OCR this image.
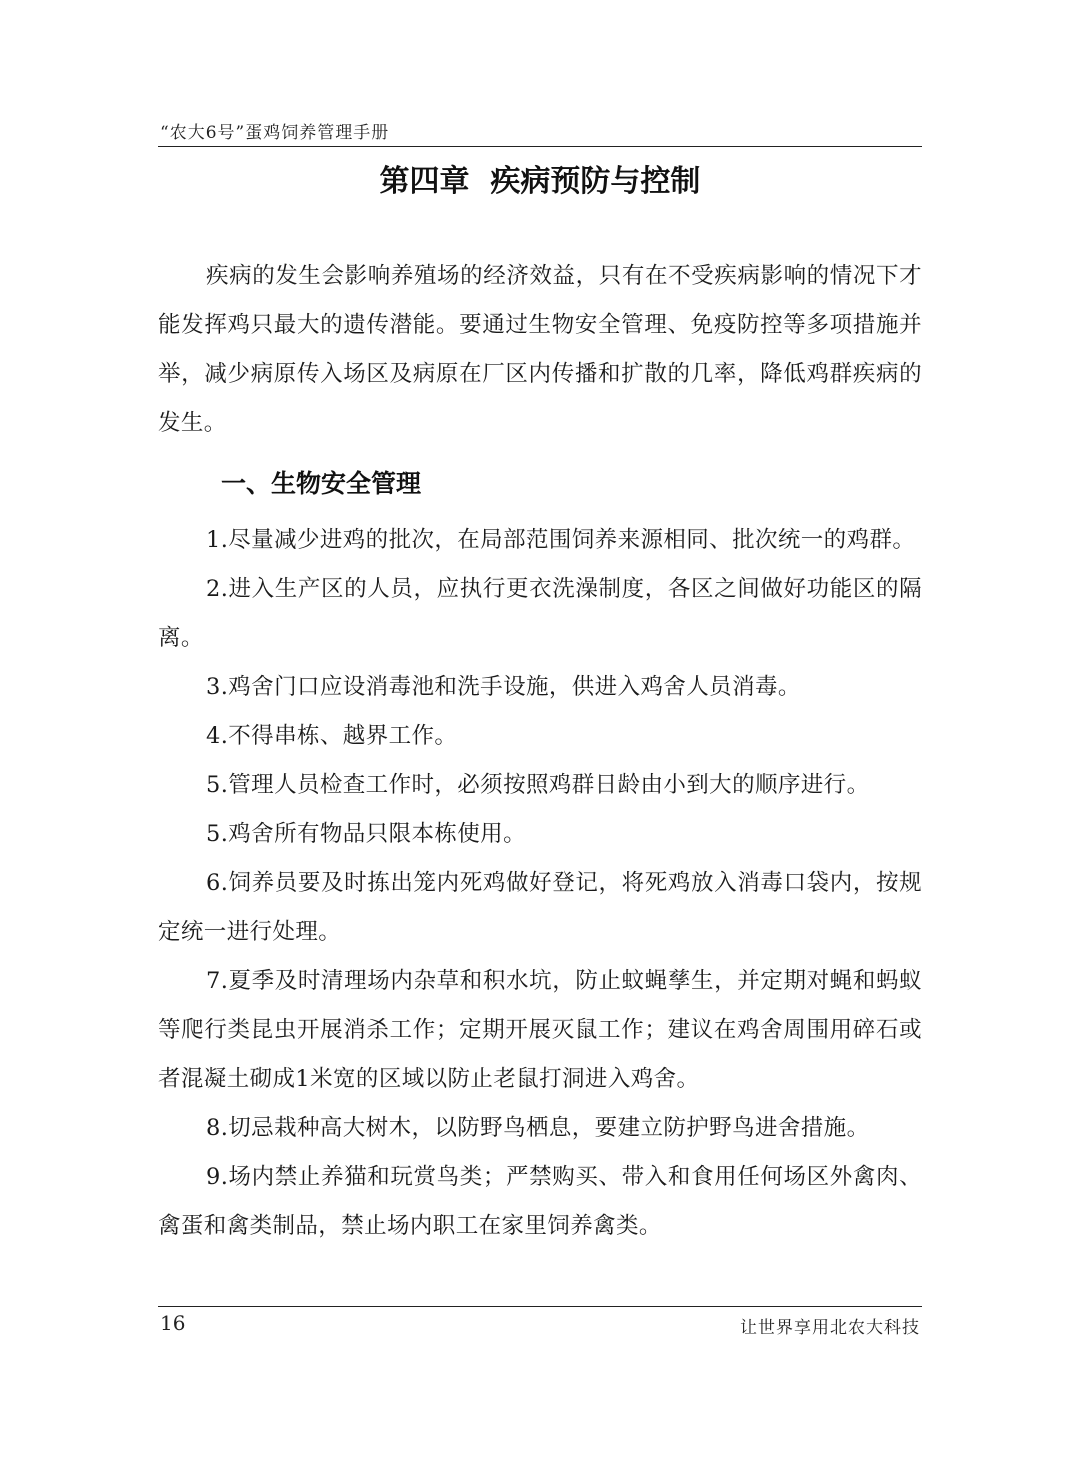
“农大6号”蛋鸡饲养管理手册
第四章  疾病预防与控制

疾病的发生会影响养殖场的经济效益，只有在不受疾病影响的情况下才能发挥鸡只最大的遗传潜能。要通过生物安全管理、免疫防控等多项措施并举，减少病原传入场区及病原在厂区内传播和扩散的几率，降低鸡群疾病的发生。

一、生物安全管理

1.尽量减少进鸡的批次，在局部范围饲养来源相同、批次统一的鸡群。

2.进入生产区的人员，应执行更衣洗澡制度，各区之间做好功能区的隔离。

3.鸡舍门口应设消毒池和洗手设施，供进入鸡舍人员消毒。

4.不得串栋、越界工作。

5.管理人员检查工作时，必须按照鸡群日龄由小到大的顺序进行。

5.鸡舍所有物品只限本栋使用。

6.饲养员要及时拣出笼内死鸡做好登记，将死鸡放入消毒口袋内，按规定统一进行处理。

7.夏季及时清理场内杂草和积水坑，防止蚊蝇孳生，并定期对蝇和蚂蚁等爬行类昆虫开展消杀工作；定期开展灭鼠工作；建议在鸡舍周围用碎石或者混凝土砌成1米宽的区域以防止老鼠打洞进入鸡舍。

8.切忌栽种高大树木，以防野鸟栖息，要建立防护野鸟进舍措施。

9.场内禁止养猫和玩赏鸟类；严禁购买、带入和食用任何场区外禽肉、禽蛋和禽类制品，禁止场内职工在家里饲养禽类。

16	让世界享用北农大科技
